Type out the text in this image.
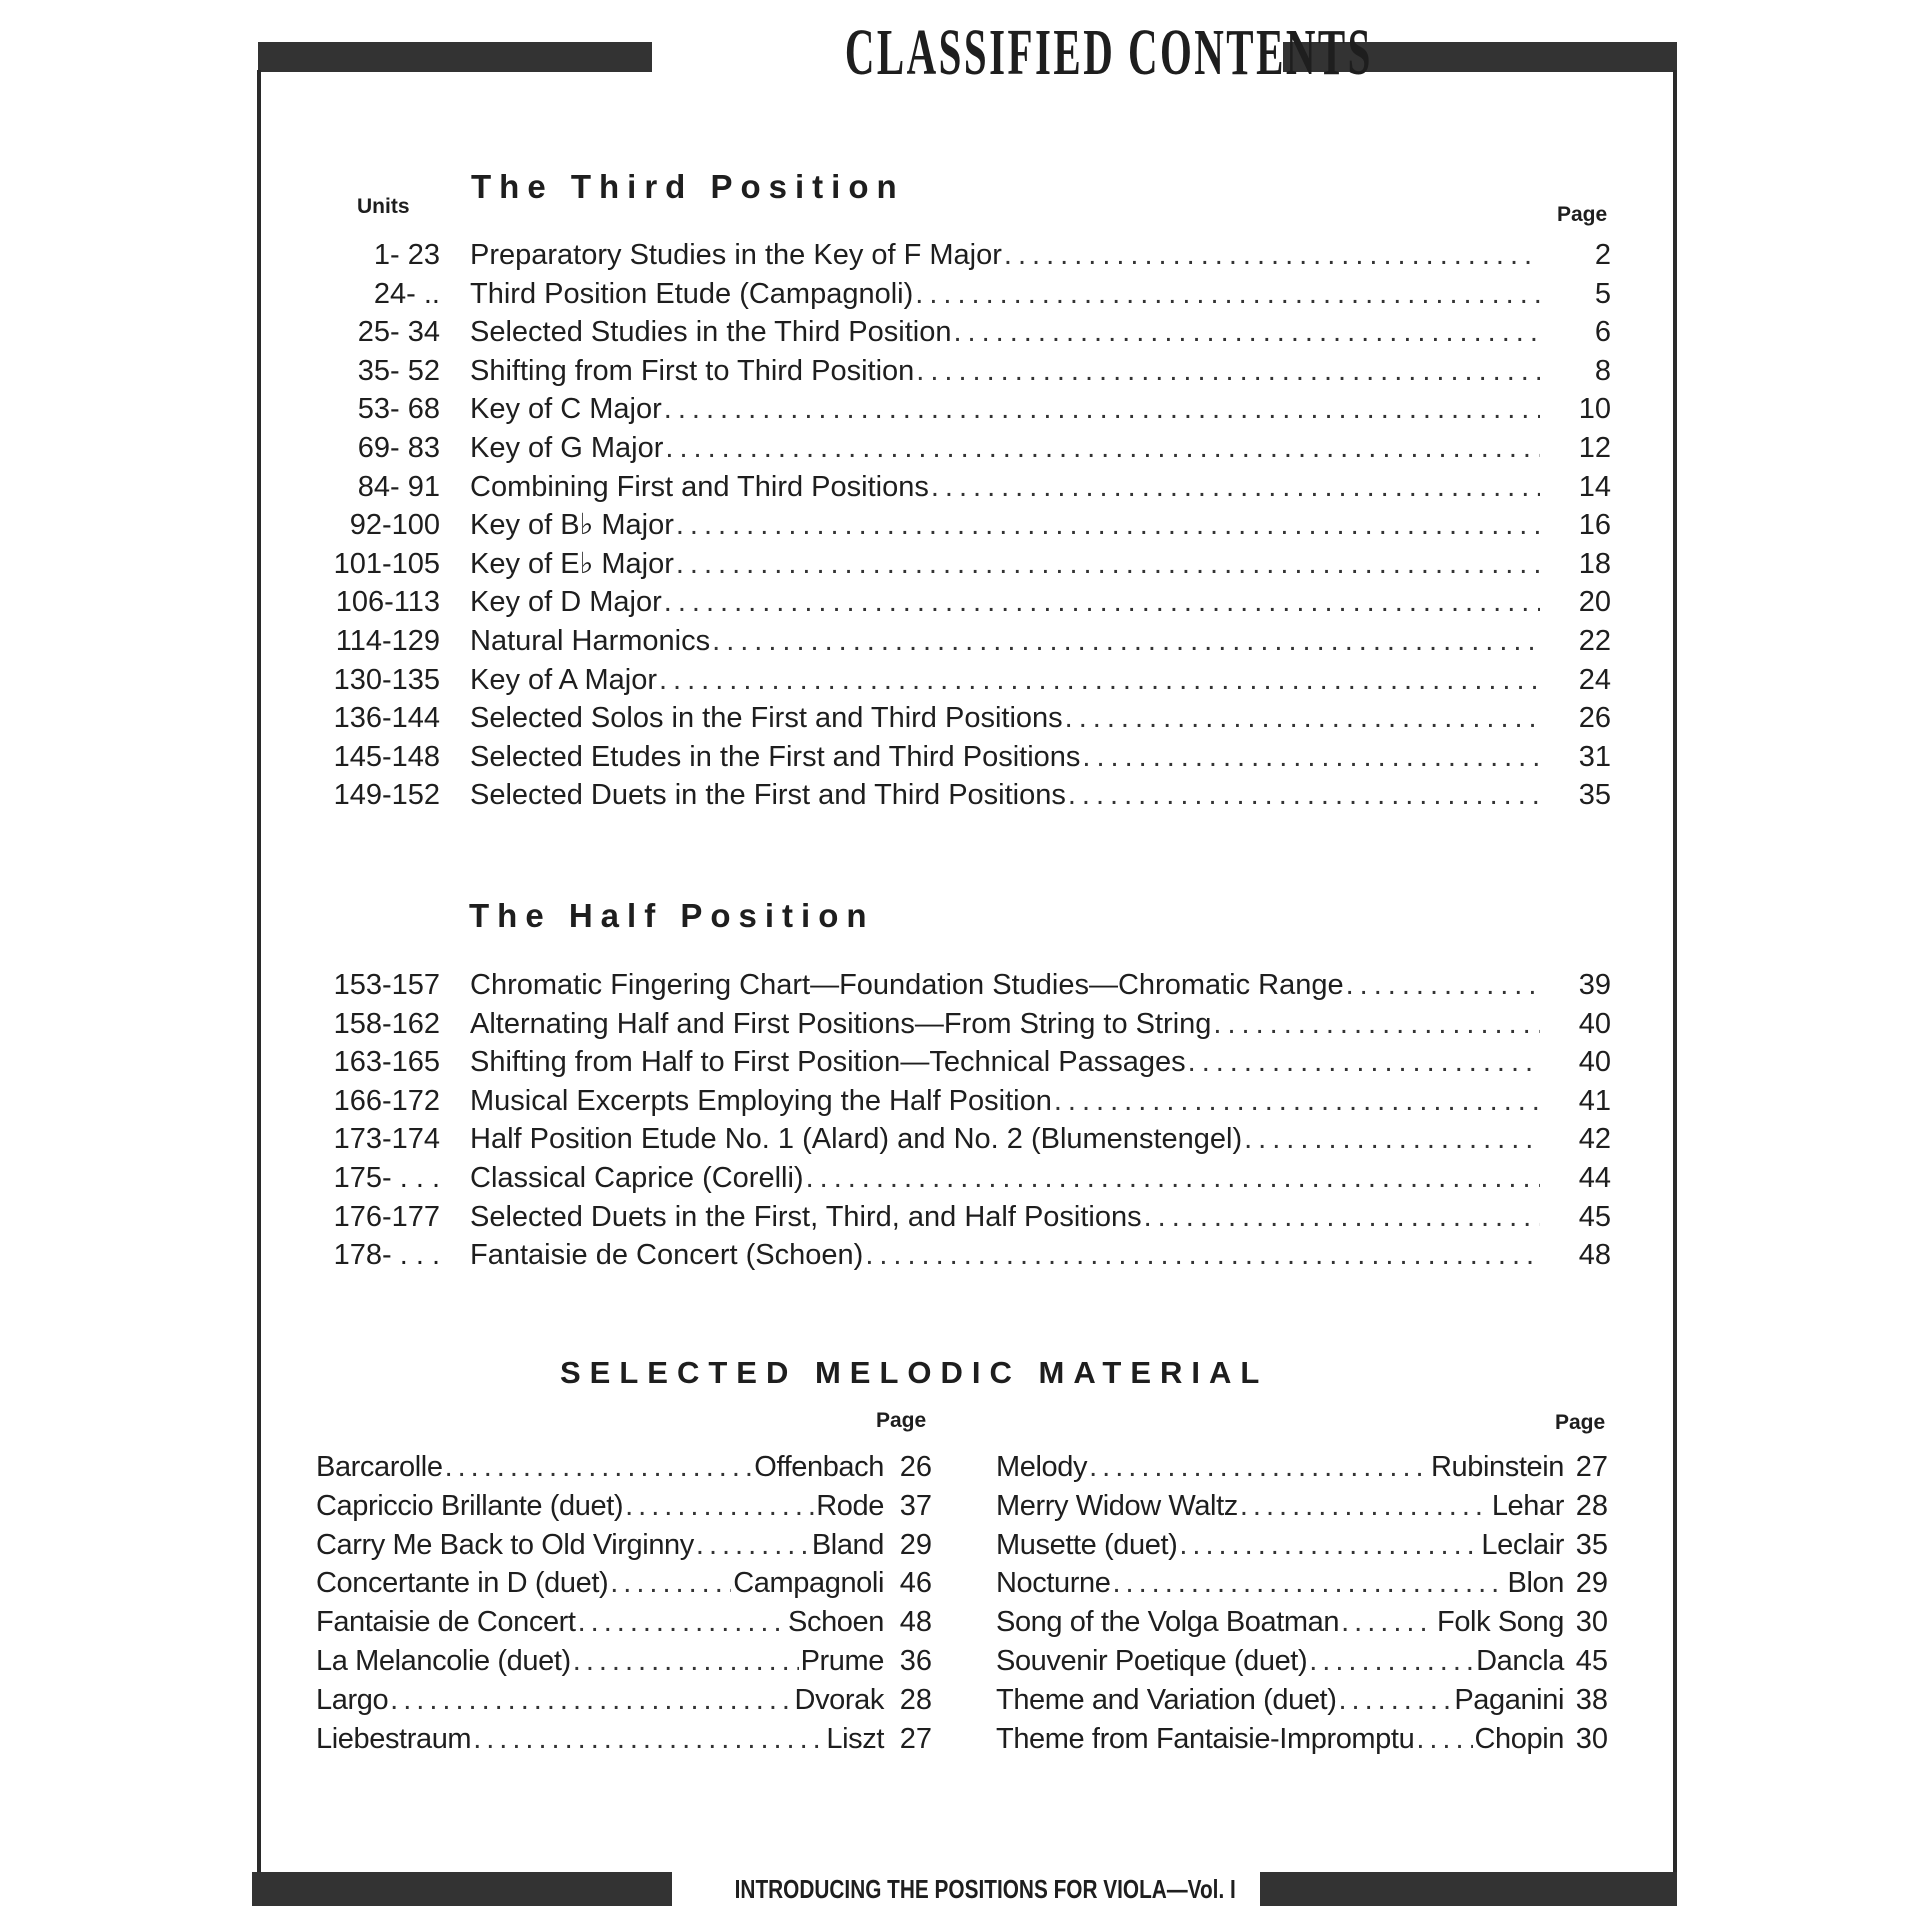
CLASSIFIED CONTENTS
INTRODUCING THE POSITIONS FOR VIOLA—Vol. I
The Third Position
Units	Page
1- 23 Preparatory Studies in the Key of F Major .....	2
24- .. Third Position Etude (Campagnoli) .....	5
25- 34 Selected Studies in the Third Position .....	6
35- 52 Shifting from First to Third Position .....	8
53- 68 Key of C Major .....	10
69- 83 Key of G Major .....	12
84- 91 Combining First and Third Positions .....	14
92-100 Key of B♭ Major .....	16
101-105 Key of E♭ Major .....	18
106-113 Key of D Major .....	20
114-129 Natural Harmonics .....	22
130-135 Key of A Major .....	24
136-144 Selected Solos in the First and Third Positions .....	26
145-148 Selected Etudes in the First and Third Positions .....	31
149-152 Selected Duets in the First and Third Positions .....	35
The Half Position
153-157 Chromatic Fingering Chart—Foundation Studies—Chromatic Range .....	39
158-162 Alternating Half and First Positions—From String to String .....	40
163-165 Shifting from Half to First Position—Technical Passages .....	40
166-172 Musical Excerpts Employing the Half Position .....	41
173-174 Half Position Etude No. 1 (Alard) and No. 2 (Blumenstengel) .....	42
175- . . . Classical Caprice (Corelli) .....	44
176-177 Selected Duets in the First, Third, and Half Positions .....	45
178- . . . Fantaisie de Concert (Schoen) .....	48
SELECTED MELODIC MATERIAL
Page	Page
Barcarolle .....	Offenbach 26
Capriccio Brillante (duet) .....	Rode 37
Carry Me Back to Old Virginny .....	Bland 29
Concertante in D (duet) .....	Campagnoli 46
Fantaisie de Concert .....	Schoen 48
La Melancolie (duet) .....	Prume 36
Largo .....	Dvorak 28
Liebestraum .....	Liszt 27
Melody .....	Rubinstein 27
Merry Widow Waltz .....	Lehar 28
Musette (duet) .....	Leclair 35
Nocturne .....	Blon 29
Song of the Volga Boatman .....	Folk Song 30
Souvenir Poetique (duet) .....	Dancla 45
Theme and Variation (duet) .....	Paganini 38
Theme from Fantaisie-Impromptu ..... Chopin 30
